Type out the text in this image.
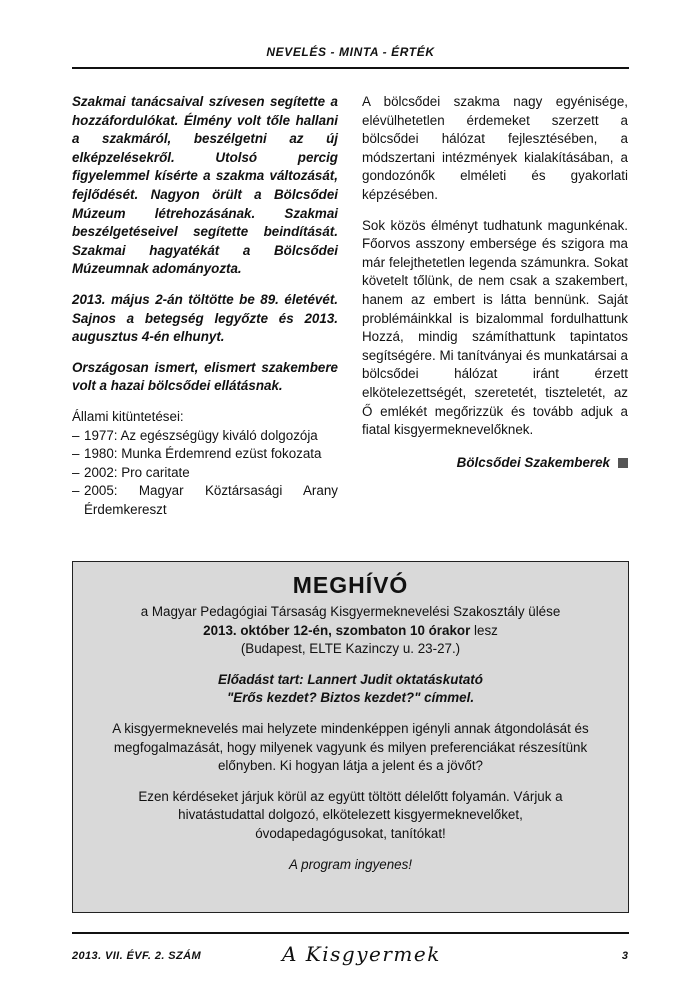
NEVELÉS - MINTA - ÉRTÉK

Szakmai tanácsaival szívesen segítette a hozzáfordulókat. Élmény volt tőle hallani a szakmáról, beszélgetni az új elképzelésekről. Utolsó percig figyelemmel kísérte a szakma változását, fejlődését. Nagyon örült a Bölcsődei Múzeum létrehozásának. Szakmai beszélgetéseivel segítette beindítását. Szakmai hagyatékát a Bölcsődei Múzeumnak adományozta.

2013. május 2-án töltötte be 89. életévét. Sajnos a betegség legyőzte és 2013. augusztus 4-én elhunyt.

Országosan ismert, elismert szakembere volt a hazai bölcsődei ellátásnak.

Állami kitüntetései:
– 1977: Az egészségügy kiváló dolgozója
– 1980: Munka Érdemrend ezüst fokozata
– 2002: Pro caritate
– 2005: Magyar Köztársasági Arany Érdemkereszt

A bölcsődei szakma nagy egyénisége, elévülhetetlen érdemeket szerzett a bölcsődei hálózat fejlesztésében, a módszertani intézmények kialakításában, a gondozónők elméleti és gyakorlati képzésében.

Sok közös élményt tudhatunk magunkénak. Főorvos asszony embersége és szigora ma már felejthetetlen legenda számunkra. Sokat követelt tőlünk, de nem csak a szakembert, hanem az embert is látta bennünk. Saját problémáinkkal is bizalommal fordulhattunk Hozzá, mindig számíthattunk tapintatos segítségére. Mi tanítványai és munkatársai a bölcsődei hálózat iránt érzett elkötelezettségét, szeretetét, tiszteletét, az Ő emlékét megőrizzük és tovább adjuk a fiatal kisgyermeknevelőknek.

Bölcsődei Szakemberek
MEGHÍVÓ
a Magyar Pedagógiai Társaság Kisgyermeknevelési Szakosztály ülése
2013. október 12-én, szombaton 10 órakor lesz

(Budapest, ELTE Kazinczy u. 23-27.)

Előadást tart: Lannert Judit oktatáskutató

"Erős kezdet? Biztos kezdet?" címmel.

A kisgyermeknevelés mai helyzete mindenképpen igényli annak átgondolását és megfogalmazását, hogy milyenek vagyunk és milyen preferenciákat részesítünk előnyben. Ki hogyan látja a jelent és a jövőt?

Ezen kérdéseket járjuk körül az együtt töltött délelőtt folyamán. Várjuk a hivatástudattal dolgozó, elkötelezett kisgyermeknevelőket, óvodapedagógusokat, tanítókat!

A program ingyenes!
2013. VII. ÉVF. 2. SZÁM	A Kisgyermek	3
